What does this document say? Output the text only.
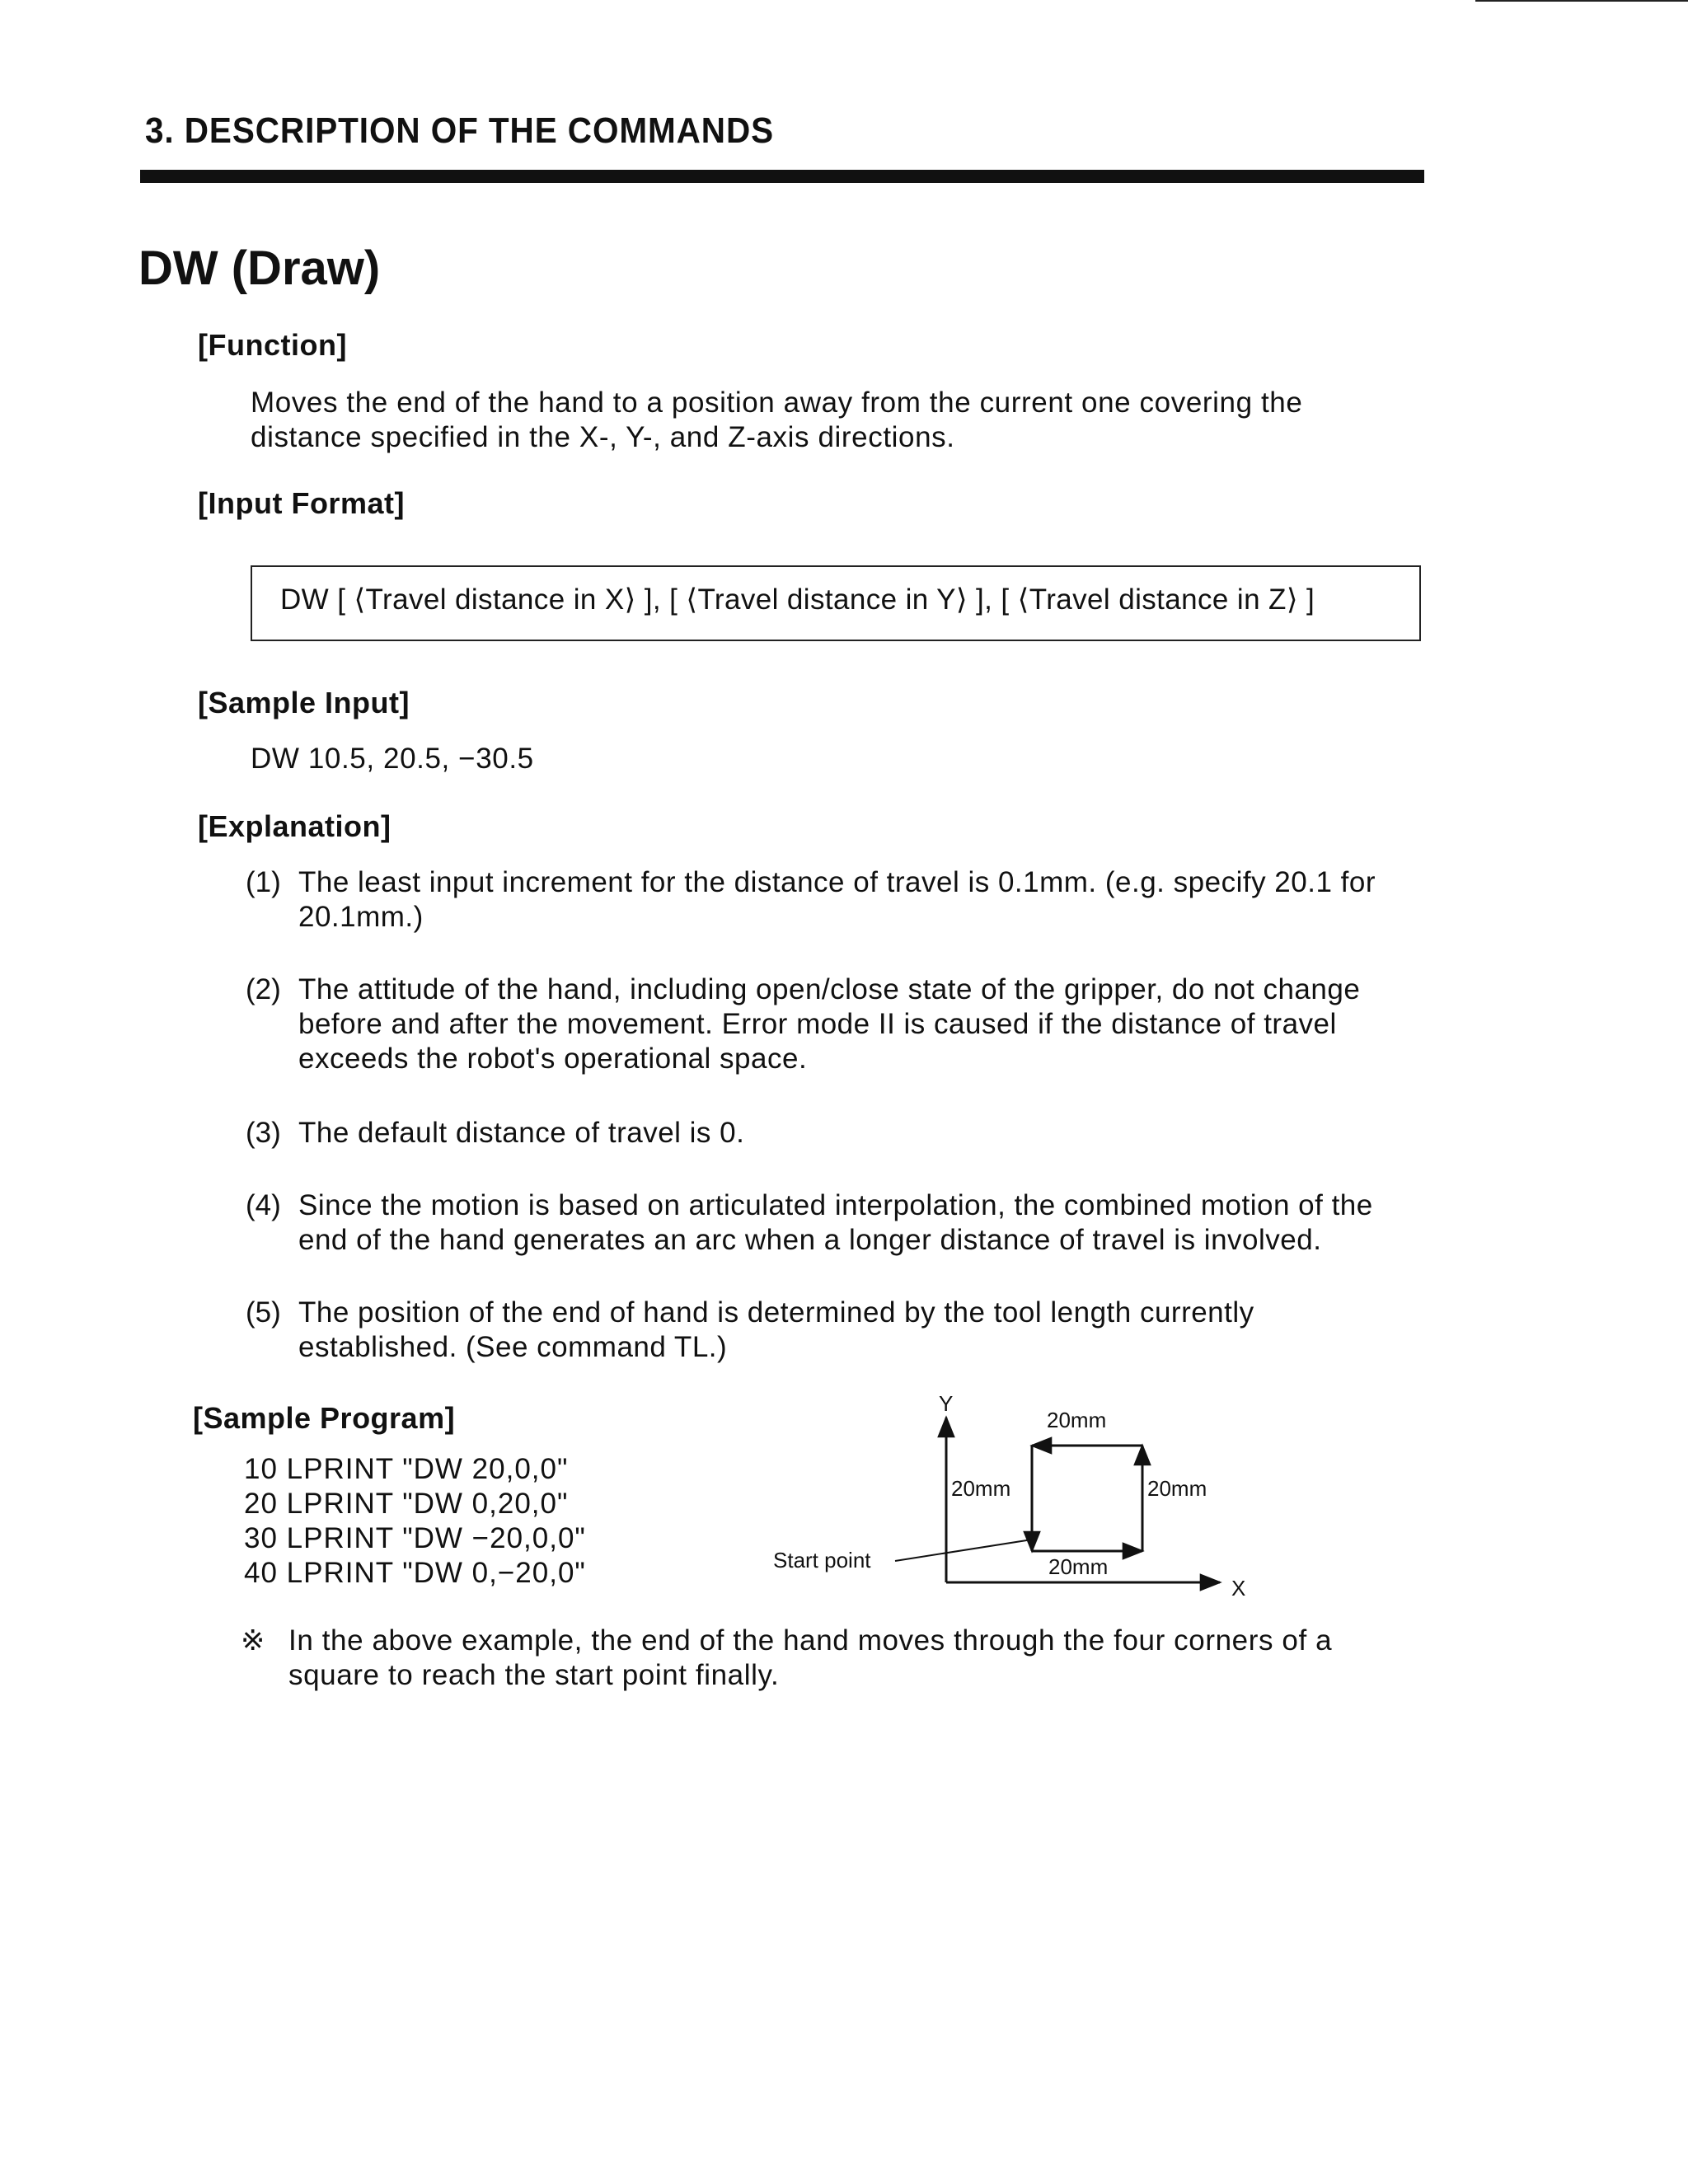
3. DESCRIPTION OF THE COMMANDS
DW (Draw)
[Function]
Moves the end of the hand to a position away from the current one covering the
distance specified in the X-, Y-, and Z-axis directions.
[Input Format]
DW [ ⟨Travel distance in X⟩ ], [ ⟨Travel distance in Y⟩ ], [ ⟨Travel distance in Z⟩ ]
[Sample Input]
DW 10.5, 20.5, −30.5
[Explanation]
(1) The least input increment for the distance of travel is 0.1mm. (e.g. specify 20.1 for
20.1mm.)
(2) The attitude of the hand, including open/close state of the gripper, do not change
before and after the movement. Error mode II is caused if the distance of travel
exceeds the robot's operational space.
(3) The default distance of travel is 0.
(4) Since the motion is based on articulated interpolation, the combined motion of the
end of the hand generates an arc when a longer distance of travel is involved.
(5) The position of the end of hand is determined by the tool length currently
established. (See command TL.)
[Sample Program]
10 LPRINT "DW 20,0,0"
20 LPRINT "DW 0,20,0"
30 LPRINT "DW −20,0,0"
40 LPRINT "DW 0,−20,0"
Y
X
Start point
20mm
20mm	20mm
20mm
※ In the above example, the end of the hand moves through the four corners of a
square to reach the start point finally.
